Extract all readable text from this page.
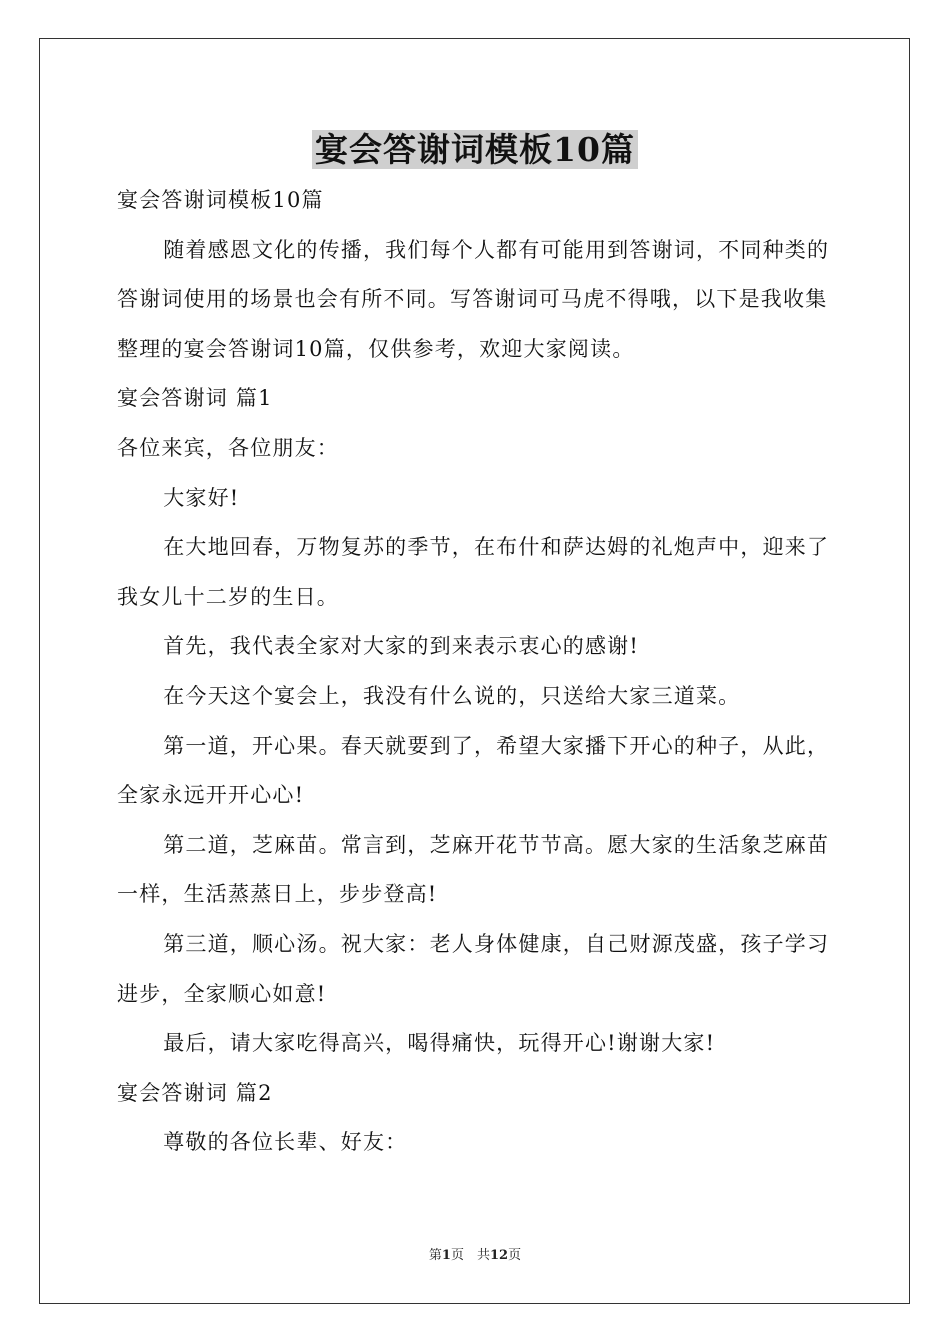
宴会答谢词模板10篇

宴会答谢词模板10篇

随着感恩文化的传播，我们每个人都有可能用到答谢词，不同种类的答谢词使用的场景也会有所不同。写答谢词可马虎不得哦，以下是我收集整理的宴会答谢词10篇，仅供参考，欢迎大家阅读。

宴会答谢词 篇1

各位来宾，各位朋友：

大家好!

在大地回春，万物复苏的季节，在布什和萨达姆的礼炮声中，迎来了我女儿十二岁的生日。

首先，我代表全家对大家的到来表示衷心的感谢!

在今天这个宴会上，我没有什么说的，只送给大家三道菜。

第一道，开心果。春天就要到了，希望大家播下开心的种子，从此，全家永远开开心心!

第二道，芝麻苗。常言到，芝麻开花节节高。愿大家的生活象芝麻苗一样，生活蒸蒸日上，步步登高!

第三道，顺心汤。祝大家：老人身体健康，自己财源茂盛，孩子学习进步，全家顺心如意!

最后，请大家吃得高兴，喝得痛快，玩得开心!谢谢大家!

宴会答谢词 篇2

尊敬的各位长辈、好友：

第1页　共12页
